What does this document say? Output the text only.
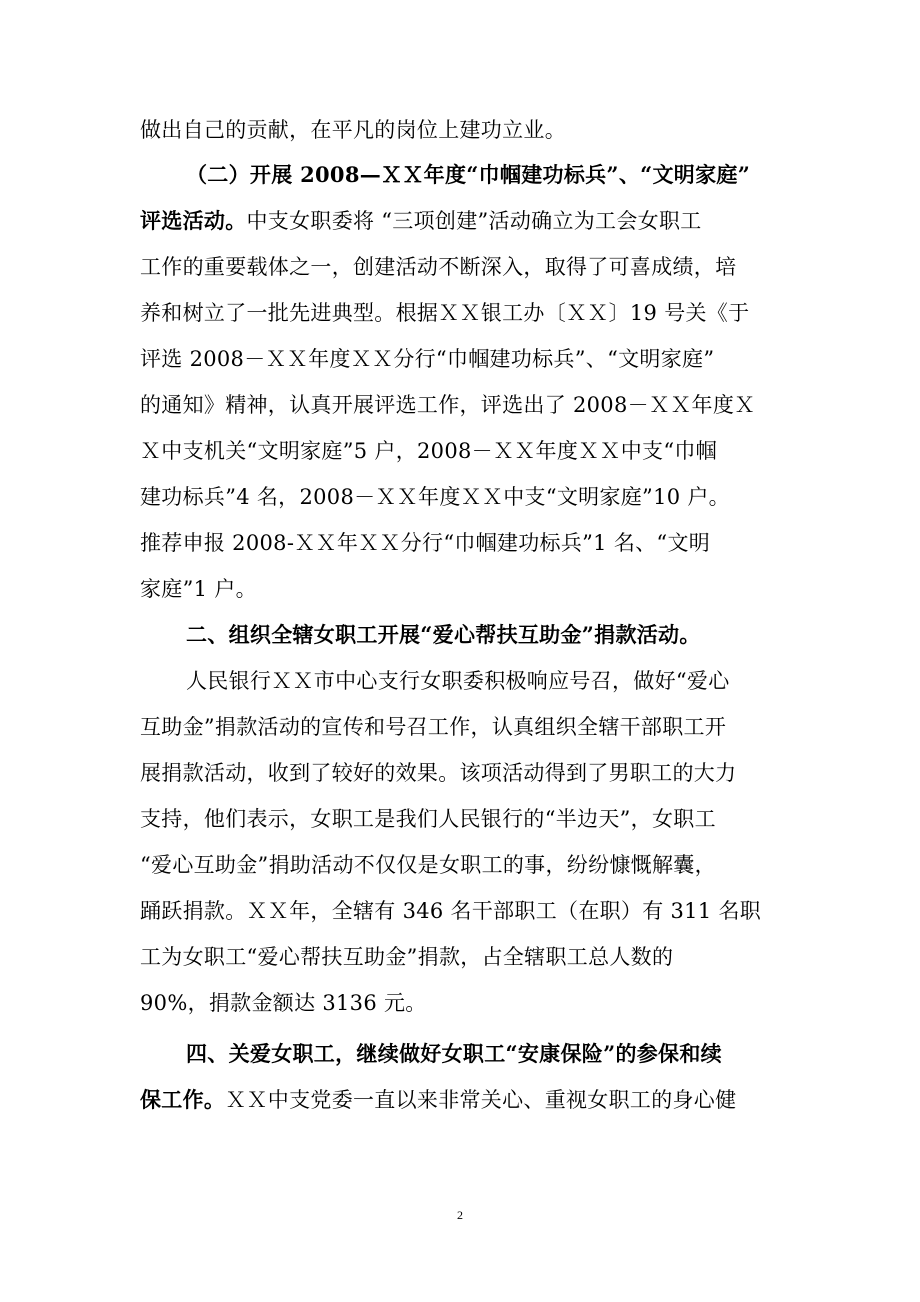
做出自己的贡献，在平凡的岗位上建功立业。
（二）开展 2008—ＸＸ年度“巾帼建功标兵”、“文明家庭”
评选活动。中支女职委将 “三项创建”活动确立为工会女职工
工作的重要载体之一，创建活动不断深入，取得了可喜成绩，培
养和树立了一批先进典型。根据ＸＸ银工办〔ＸＸ〕19 号关《于
评选 2008－ＸＸ年度ＸＸ分行“巾帼建功标兵”、“文明家庭”
的通知》精神，认真开展评选工作，评选出了 2008－ＸＸ年度Ｘ
Ｘ中支机关“文明家庭”5 户，2008－ＸＸ年度ＸＸ中支“巾帼
建功标兵”4 名，2008－ＸＸ年度ＸＸ中支“文明家庭”10 户。
推荐申报 2008-ＸＸ年ＸＸ分行“巾帼建功标兵”1 名、“文明
家庭”1 户。
二、组织全辖女职工开展“爱心帮扶互助金”捐款活动。
人民银行ＸＸ市中心支行女职委积极响应号召，做好“爱心
互助金”捐款活动的宣传和号召工作，认真组织全辖干部职工开
展捐款活动，收到了较好的效果。该项活动得到了男职工的大力
支持，他们表示，女职工是我们人民银行的“半边天”，女职工
“爱心互助金”捐助活动不仅仅是女职工的事，纷纷慷慨解囊，
踊跃捐款。ＸＸ年，全辖有 346 名干部职工（在职）有 311 名职
工为女职工“爱心帮扶互助金”捐款，占全辖职工总人数的
90%，捐款金额达 3136 元。
四、关爱女职工，继续做好女职工“安康保险”的参保和续
保工作。ＸＸ中支党委一直以来非常关心、重视女职工的身心健
2
